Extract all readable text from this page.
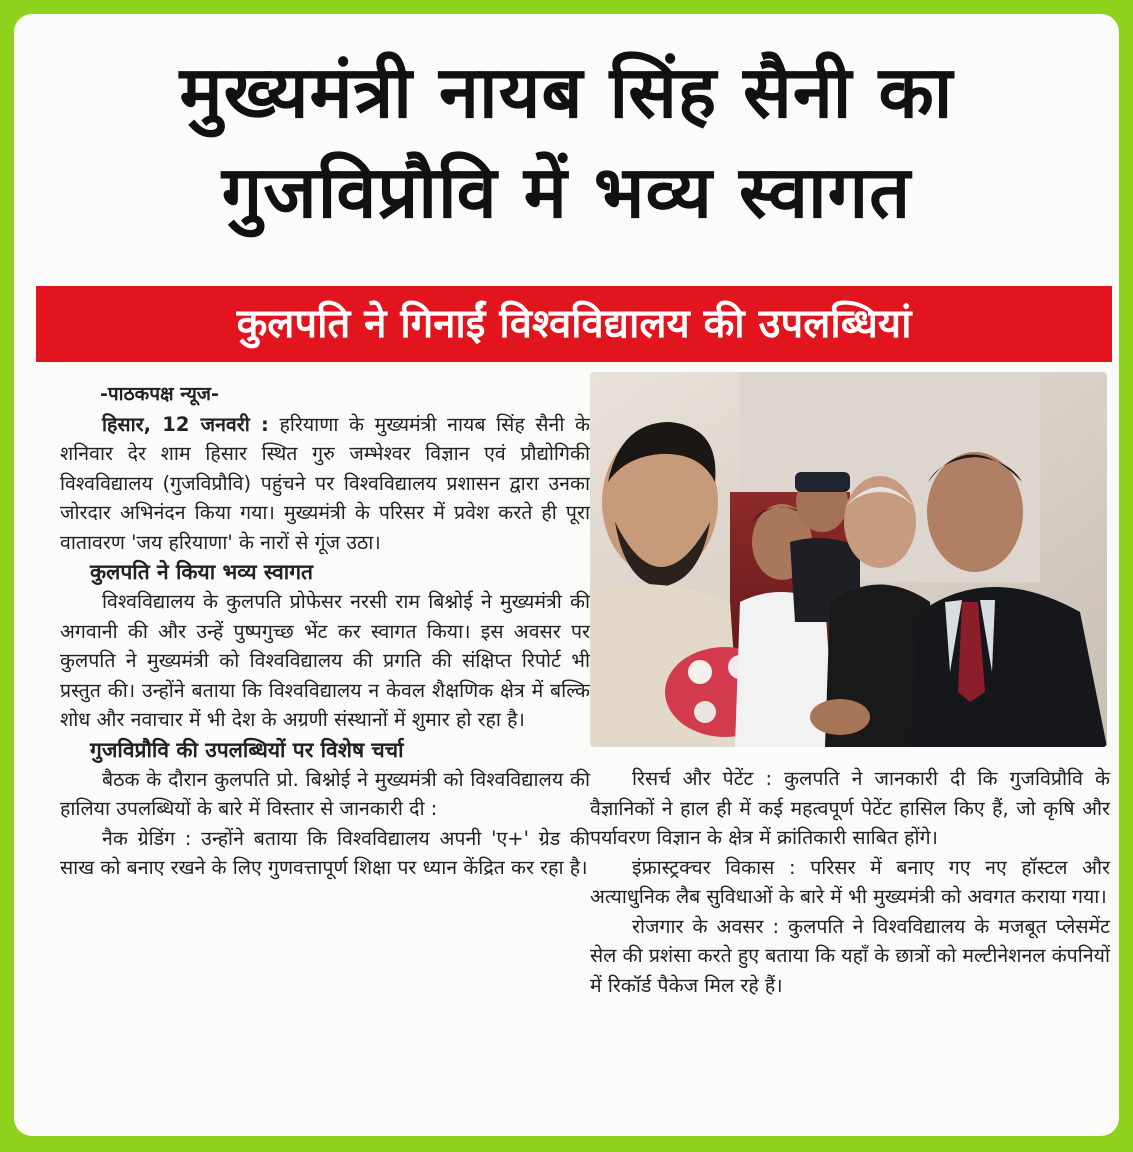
मुख्यमंत्री नायब सिंह सैनी का
गुजविप्रौवि में भव्य स्वागत
कुलपति ने गिनाईं विश्वविद्यालय की उपलब्धियां
-पाठकपक्ष न्यूज-

हिसार, 12 जनवरी : हरियाणा के मुख्यमंत्री नायब सिंह सैनी के शनिवार देर शाम हिसार स्थित गुरु जम्भेश्वर विज्ञान एवं प्रौद्योगिकी विश्वविद्यालय (गुजविप्रौवि) पहुंचने पर विश्वविद्यालय प्रशासन द्वारा उनका जोरदार अभिनंदन किया गया। मुख्यमंत्री के परिसर में प्रवेश करते ही पूरा वातावरण 'जय हरियाणा' के नारों से गूंज उठा।

कुलपति ने किया भव्य स्वागत

विश्वविद्यालय के कुलपति प्रोफेसर नरसी राम बिश्नोई ने मुख्यमंत्री की अगवानी की और उन्हें पुष्पगुच्छ भेंट कर स्वागत किया। इस अवसर पर कुलपति ने मुख्यमंत्री को विश्वविद्यालय की प्रगति की संक्षिप्त रिपोर्ट भी प्रस्तुत की। उन्होंने बताया कि विश्वविद्यालय न केवल शैक्षणिक क्षेत्र में बल्कि शोध और नवाचार में भी देश के अग्रणी संस्थानों में शुमार हो रहा है।

गुजविप्रौवि की उपलब्धियों पर विशेष चर्चा

बैठक के दौरान कुलपति प्रो. बिश्नोई ने मुख्यमंत्री को विश्वविद्यालय की हालिया उपलब्धियों के बारे में विस्तार से जानकारी दी :

नैक ग्रेडिंग : उन्होंने बताया कि विश्वविद्यालय अपनी 'ए+' ग्रेड की साख को बनाए रखने के लिए गुणवत्तापूर्ण शिक्षा पर ध्यान केंद्रित कर रहा है।

रिसर्च और पेटेंट : कुलपति ने जानकारी दी कि गुजविप्रौवि के वैज्ञानिकों ने हाल ही में कई महत्वपूर्ण पेटेंट हासिल किए हैं, जो कृषि और पर्यावरण विज्ञान के क्षेत्र में क्रांतिकारी साबित होंगे।

इंफ्रास्ट्रक्चर विकास : परिसर में बनाए गए नए हॉस्टल और अत्याधुनिक लैब सुविधाओं के बारे में भी मुख्यमंत्री को अवगत कराया गया।

रोजगार के अवसर : कुलपति ने विश्वविद्यालय के मजबूत प्लेसमेंट सेल की प्रशंसा करते हुए बताया कि यहाँ के छात्रों को मल्टीनेशनल कंपनियों में रिकॉर्ड पैकेज मिल रहे हैं।
